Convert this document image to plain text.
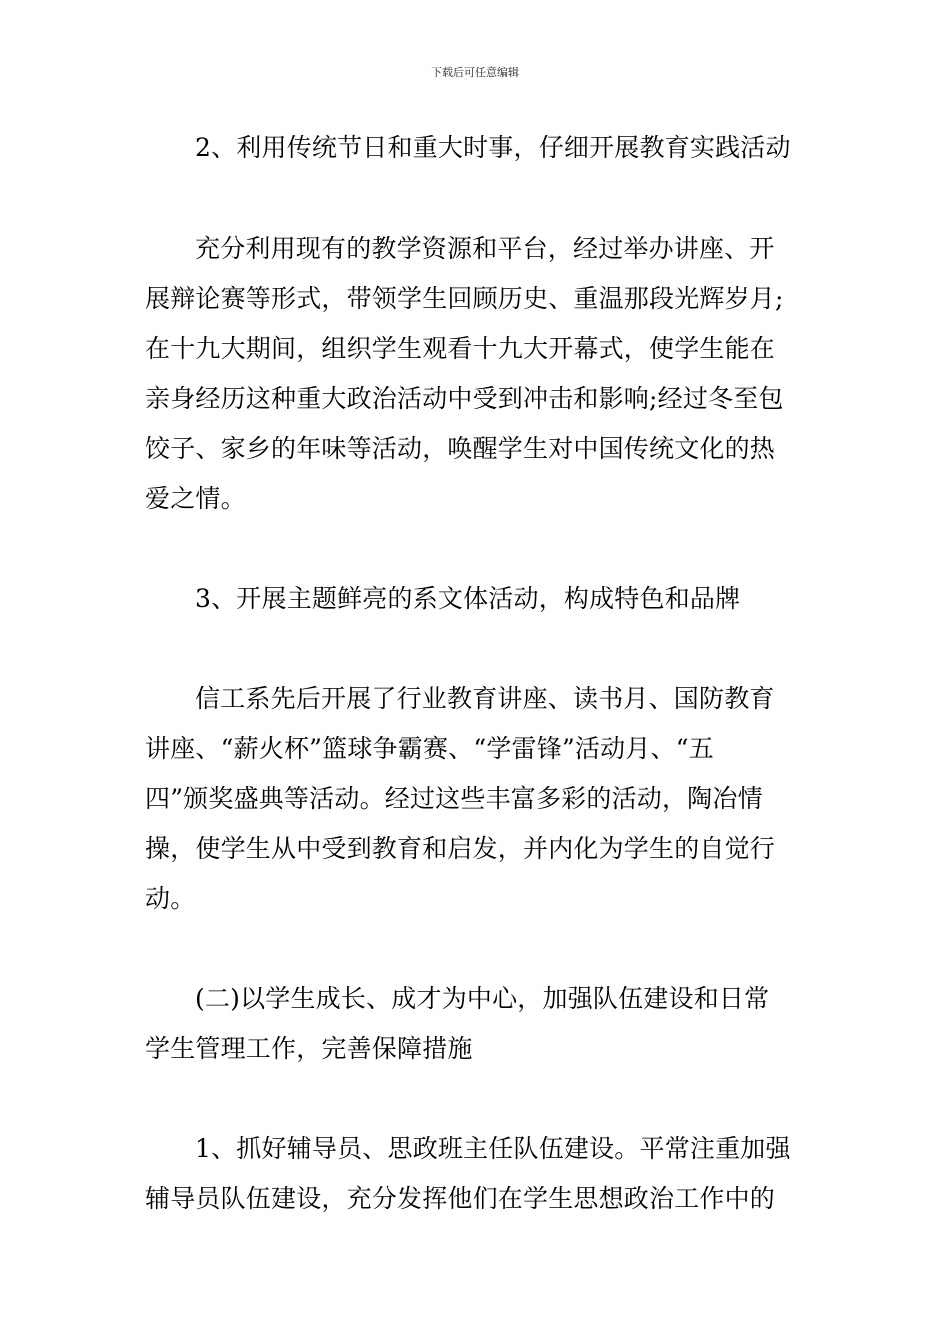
下载后可任意编辑
2、利用传统节日和重大时事，仔细开展教育实践活动
充分利用现有的教学资源和平台，经过举办讲座、开
展辩论赛等形式，带领学生回顾历史、重温那段光辉岁月;
在十九大期间，组织学生观看十九大开幕式，使学生能在
亲身经历这种重大政治活动中受到冲击和影响;经过冬至包
饺子、家乡的年味等活动，唤醒学生对中国传统文化的热
爱之情。
3、开展主题鲜亮的系文体活动，构成特色和品牌
信工系先后开展了行业教育讲座、读书月、国防教育
讲座、“薪火杯”篮球争霸赛、“学雷锋”活动月、“五
四”颁奖盛典等活动。经过这些丰富多彩的活动，陶冶情
操，使学生从中受到教育和启发，并内化为学生的自觉行
动。
(二)以学生成长、成才为中心，加强队伍建设和日常
学生管理工作，完善保障措施
1、抓好辅导员、思政班主任队伍建设。平常注重加强
辅导员队伍建设，充分发挥他们在学生思想政治工作中的
